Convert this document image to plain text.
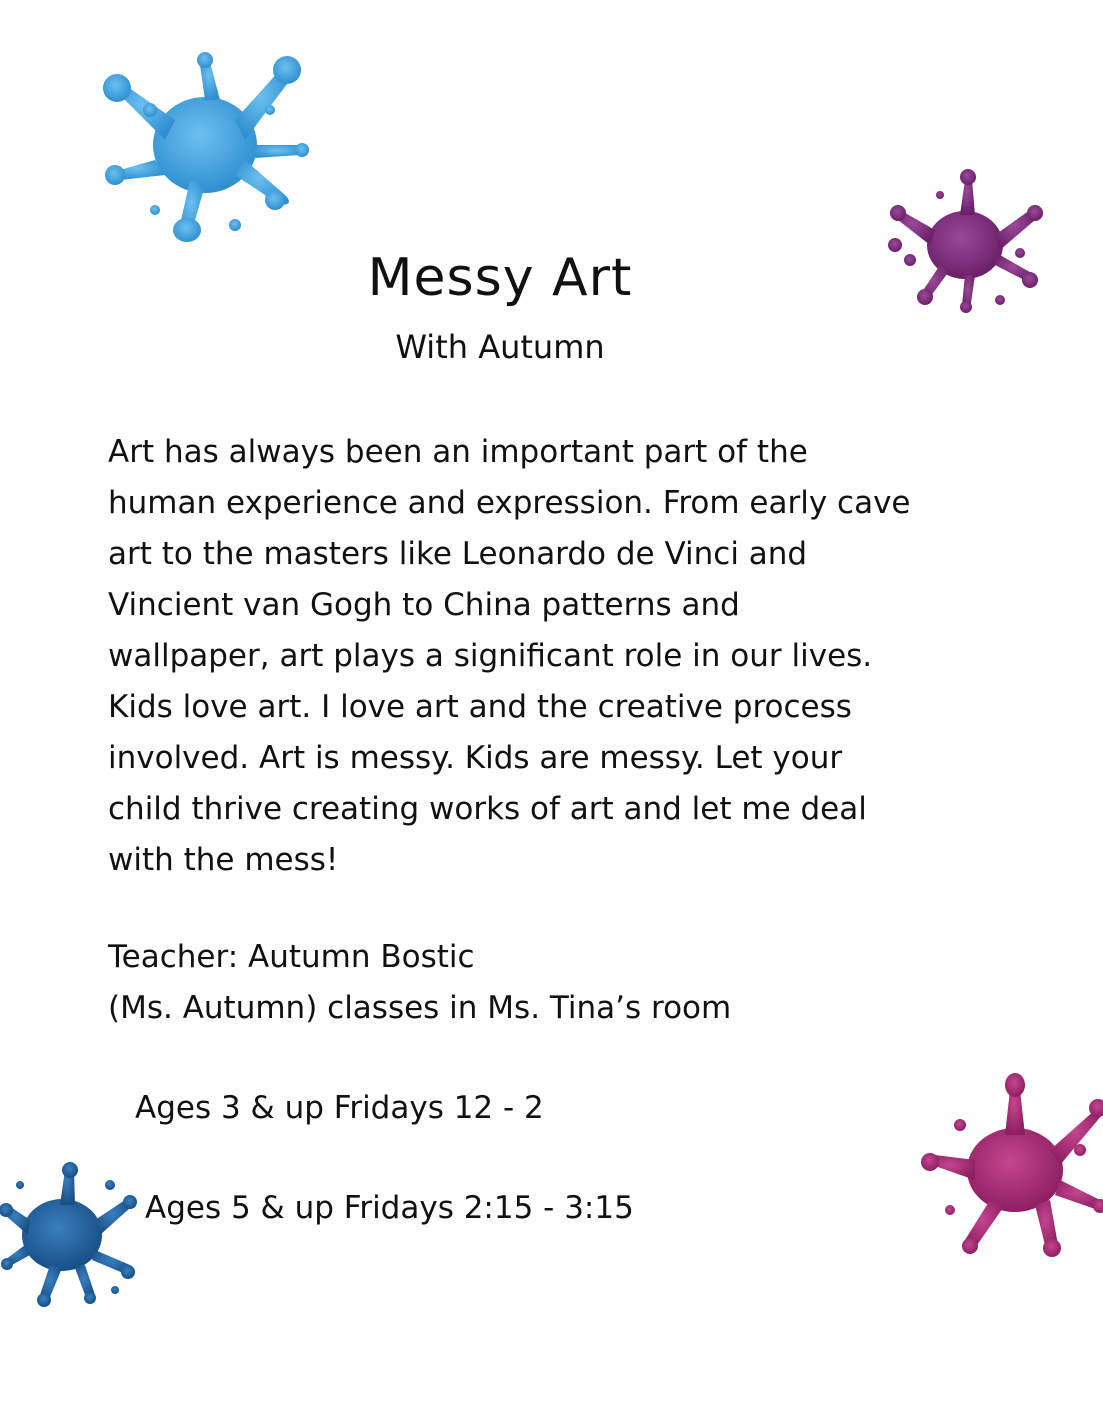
Messy Art
With Autumn
Art has always been an important part of the
human experience and expression. From early cave
art to the masters like Leonardo de Vinci and
Vincient van Gogh to China patterns and
wallpaper, art plays a significant role in our lives.
Kids love art. I love art and the creative process
involved. Art is messy. Kids are messy. Let your
child thrive creating works of art and let me deal
with the mess!
Teacher: Autumn Bostic
(Ms. Autumn) classes in Ms. Tina’s room
Ages 3 & up Fridays 12 - 2
Ages 5 & up Fridays 2:15 - 3:15
